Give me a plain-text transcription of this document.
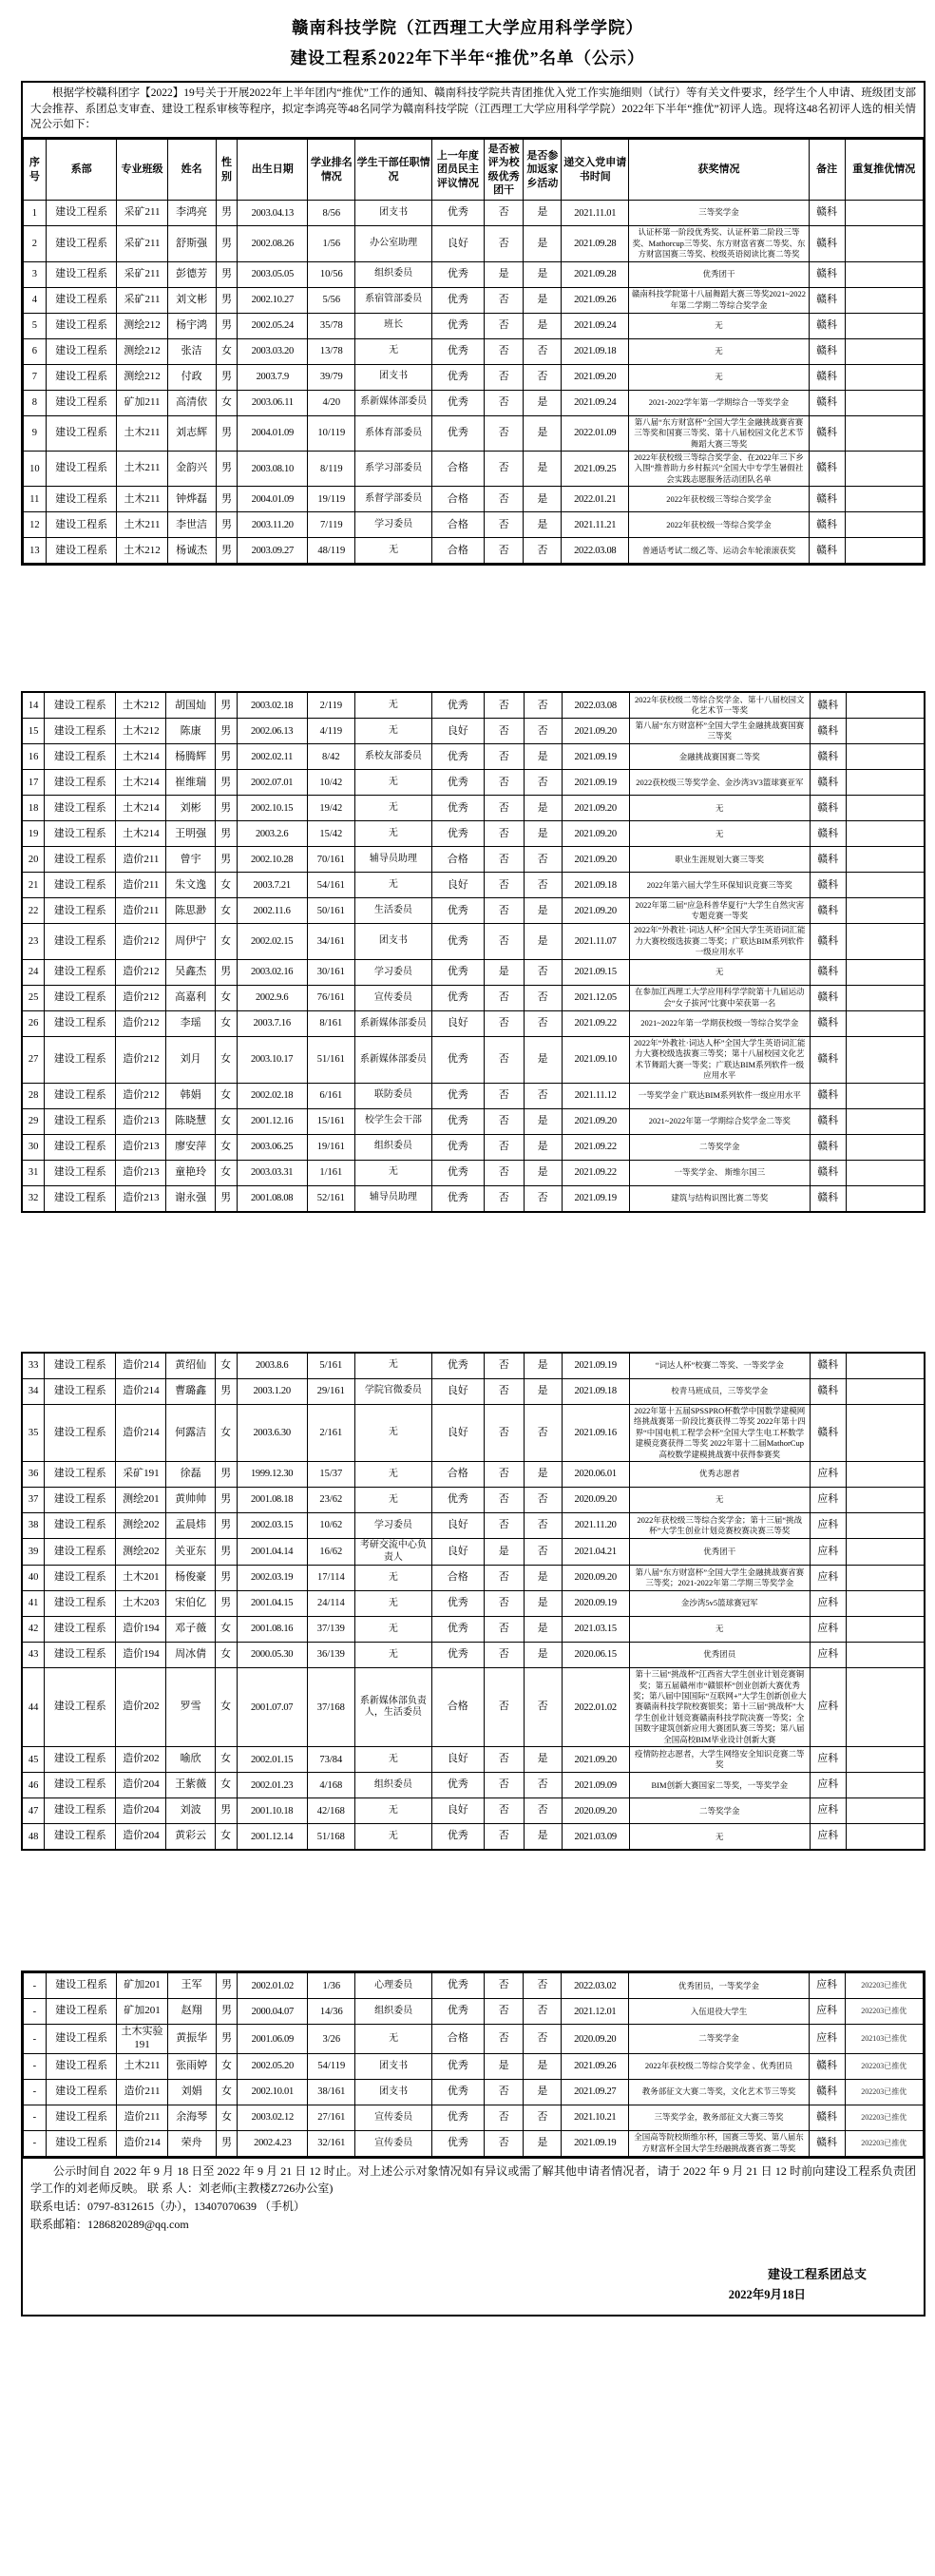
赣南科技学院（江西理工大学应用科学学院）
建设工程系2022年下半年“推优”名单（公示）
根据学校赣科团字【2022】19号关于开展2022年上半年团内“推优”工作的通知、赣南科技学院共青团推优入党工作实施细则（试行）等有关文件要求，经学生个人申请、班级团支部大会推荐、系团总支审查、建设工程系审核等程序，拟定李鸿亮等48名同学为赣南科技学院（江西理工大学应用科学学院）2022年下半年“推优”初评人选。现将这48名初评人选的相关情况公示如下：
序号	系部	专业班级	姓名	性别	出生日期	学业排名情况	学生干部任职情况	上一年度团员民主评议情况	是否被评为校级优秀团干	是否参加返家乡活动	递交入党申请书时间	获奖情况	备注	重复推优情况
1	建设工程系	采矿211	李鸿亮	男	2003.04.13	8/56	团支书	优秀	否	是	2021.11.01	三等奖学金	赣科	
2	建设工程系	采矿211	舒斯强	男	2002.08.26	1/56	办公室助理	良好	否	是	2021.09.28	认证杯第一阶段优秀奖、认证杯第二阶段三等奖、Mathorcup三等奖、东方财富省赛二等奖、东方财富国赛三等奖、校级英语阅读比赛二等奖	赣科	
3	建设工程系	采矿211	彭德芳	男	2003.05.05	10/56	组织委员	优秀	是	是	2021.09.28	优秀团干	赣科	
4	建设工程系	采矿211	刘文彬	男	2002.10.27	5/56	系宿管部委员	优秀	否	是	2021.09.26	赣南科技学院第十八届舞蹈大赛三等奖2021~2022年第二学期二等综合奖学金	赣科	
5	建设工程系	测绘212	杨宇鸿	男	2002.05.24	35/78	班长	优秀	否	是	2021.09.24	无	赣科	
6	建设工程系	测绘212	张洁	女	2003.03.20	13/78	无	优秀	否	否	2021.09.18	无	赣科	
7	建设工程系	测绘212	付政	男	2003.7.9	39/79	团支书	优秀	否	否	2021.09.20	无	赣科	
8	建设工程系	矿加211	高清依	女	2003.06.11	4/20	系新媒体部委员	优秀	否	是	2021.09.24	2021-2022学年第一学期综合一等奖学金	赣科	
9	建设工程系	土木211	刘志辉	男	2004.01.09	10/119	系体育部委员	优秀	否	是	2022.01.09	第八届“东方财富杯”全国大学生金融挑战赛省赛三等奖和国赛三等奖、第十八届校园文化艺术节舞蹈大赛三等奖	赣科	
10	建设工程系	土木211	金韵兴	男	2003.08.10	8/119	系学习部委员	合格	否	是	2021.09.25	2022年获校级三等综合奖学金、在2022年三下乡入围“推普助力乡村振兴”全国大中专学生暑假社会实践志愿服务活动团队名单	赣科	
11	建设工程系	土木211	钟烨磊	男	2004.01.09	19/119	系督学部委员	合格	否	是	2022.01.21	2022年获校级三等综合奖学金	赣科	
12	建设工程系	土木211	李世洁	男	2003.11.20	7/119	学习委员	合格	否	是	2021.11.21	2022年获校级一等综合奖学金	赣科	
13	建设工程系	土木212	杨诚杰	男	2003.09.27	48/119	无	合格	否	否	2022.03.08	普通话考试二级乙等、运动会车轮滚滚获奖	赣科	
14	建设工程系	土木212	胡国灿	男	2003.02.18	2/119	无	优秀	否	否	2022.03.08	2022年获校级二等综合奖学金、第十八届校园文化艺术节一等奖	赣科	
15	建设工程系	土木212	陈康	男	2002.06.13	4/119	无	良好	否	否	2021.09.20	第八届“东方财富杯”全国大学生金融挑战赛国赛三等奖	赣科	
16	建设工程系	土木214	杨腾辉	男	2002.02.11	8/42	系校友部委员	优秀	否	是	2021.09.19	金融挑战赛国赛二等奖	赣科	
17	建设工程系	土木214	崔维瑞	男	2002.07.01	10/42	无	优秀	否	否	2021.09.19	2022获校级三等奖学金、金沙湾3V3篮球赛亚军	赣科	
18	建设工程系	土木214	刘彬	男	2002.10.15	19/42	无	优秀	否	是	2021.09.20	无	赣科	
19	建设工程系	土木214	王明强	男	2003.2.6	15/42	无	优秀	否	是	2021.09.20	无	赣科	
20	建设工程系	造价211	曾宇	男	2002.10.28	70/161	辅导员助理	合格	否	否	2021.09.20	职业生涯规划大赛三等奖	赣科	
21	建设工程系	造价211	朱文逸	女	2003.7.21	54/161	无	良好	否	否	2021.09.18	2022年第六届大学生环保知识竞赛三等奖	赣科	
22	建设工程系	造价211	陈思渺	女	2002.11.6	50/161	生活委员	优秀	否	是	2021.09.20	2022年第二届“应急科普华夏行”大学生自然灾害专题竞赛一等奖	赣科	
23	建设工程系	造价212	周伊宁	女	2002.02.15	34/161	团支书	优秀	否	是	2021.11.07	2022年“外教社·词达人杯”全国大学生英语词汇能力大赛校级选拔赛二等奖；广联达BIM系列软件一级应用水平	赣科	
24	建设工程系	造价212	吴鑫杰	男	2003.02.16	30/161	学习委员	优秀	是	否	2021.09.15	无	赣科	
25	建设工程系	造价212	高嘉利	女	2002.9.6	76/161	宣传委员	优秀	否	否	2021.12.05	在参加江西理工大学应用科学学院第十九届运动会“女子拔河”比赛中荣获第一名	赣科	
26	建设工程系	造价212	李瑶	女	2003.7.16	8/161	系新媒体部委员	良好	否	否	2021.09.22	2021~2022年第一学期获校级一等综合奖学金	赣科	
27	建设工程系	造价212	刘月	女	2003.10.17	51/161	系新媒体部委员	优秀	否	是	2021.09.10	2022年“外教社·词达人杯”全国大学生英语词汇能力大赛校级选拔赛三等奖；第十八届校园文化艺术节舞蹈大赛一等奖；广联达BIM系列软件一级应用水平	赣科	
28	建设工程系	造价212	韩娟	女	2002.02.18	6/161	联防委员	优秀	否	否	2021.11.12	一等奖学金 广联达BIM系列软件一级应用水平	赣科	
29	建设工程系	造价213	陈晓慧	女	2001.12.16	15/161	校学生会干部	优秀	否	是	2021.09.20	2021~2022年第一学期综合奖学金二等奖	赣科	
30	建设工程系	造价213	廖安萍	女	2003.06.25	19/161	组织委员	优秀	否	是	2021.09.22	二等奖学金	赣科	
31	建设工程系	造价213	童艳玲	女	2003.03.31	1/161	无	优秀	否	是	2021.09.22	一等奖学金、 斯维尔国三	赣科	
32	建设工程系	造价213	谢永强	男	2001.08.08	52/161	辅导员助理	优秀	否	否	2021.09.19	建筑与结构识图比赛二等奖	赣科	
33	建设工程系	造价214	黄绍仙	女	2003.8.6	5/161	无	优秀	否	是	2021.09.19	“词达人杯”校赛二等奖、一等奖学金	赣科	
34	建设工程系	造价214	曹璐鑫	男	2003.1.20	29/161	学院官微委员	良好	否	是	2021.09.18	校青马班成员，三等奖学金	赣科	
35	建设工程系	造价214	何露洁	女	2003.6.30	2/161	无	良好	否	否	2021.09.16	2022年第十五届SPSSPRO杯数学中国数学建模网络挑战赛第一阶段比赛获得二等奖 2022年第十四界“中国电机工程学会杯”全国大学生电工杯数学建模竞赛获得二等奖 2022年第十二届MathorCup高校数学建模挑战赛中获得参赛奖	赣科	
36	建设工程系	采矿191	徐磊	男	1999.12.30	15/37	无	合格	否	是	2020.06.01	优秀志愿者	应科	
37	建设工程系	测绘201	黄帅帅	男	2001.08.18	23/62	无	优秀	否	否	2020.09.20	无	应科	
38	建设工程系	测绘202	孟晨炜	男	2002.03.15	10/62	学习委员	良好	否	否	2021.11.20	2022年获校级三等综合奖学金；第十三届“挑战杯”大学生创业计划竞赛校赛决赛三等奖	应科	
39	建设工程系	测绘202	关亚东	男	2001.04.14	16/62	考研交流中心负责人	良好	是	否	2021.04.21	优秀团干	应科	
40	建设工程系	土木201	杨俊豪	男	2002.03.19	17/114	无	合格	否	是	2020.09.20	第八届“东方财富杯”全国大学生金融挑战赛省赛三等奖；2021-2022年第二学期三等奖学金	应科	
41	建设工程系	土木203	宋伯亿	男	2001.04.15	24/114	无	优秀	否	是	2020.09.19	金沙湾5v5篮球赛冠军	应科	
42	建设工程系	造价194	邓子薇	女	2001.08.16	37/139	无	优秀	否	是	2021.03.15	无	应科	
43	建设工程系	造价194	周冰倩	女	2000.05.30	36/139	无	优秀	否	是	2020.06.15	优秀团员	应科	
44	建设工程系	造价202	罗雪	女	2001.07.07	37/168	系新媒体部负责人，生活委员	合格	否	否	2022.01.02	第十三届“挑战杯”江西省大学生创业计划竞赛铜奖；第五届赣州市“赣银杯”创业创新大赛优秀奖；第八届中国国际“互联网+”大学生创新创业大赛赣南科技学院校赛银奖；第十三届“挑战杯”大学生创业计划竞赛赣南科技学院决赛一等奖；全国数字建筑创新应用大赛团队赛三等奖；第八届全国高校BIM毕业设计创新大赛	应科	
45	建设工程系	造价202	喻欣	女	2002.01.15	73/84	无	良好	否	是	2021.09.20	疫情防控志愿者，大学生网络安全知识竞赛二等奖	应科	
46	建设工程系	造价204	王紫薇	女	2002.01.23	4/168	组织委员	优秀	否	否	2021.09.09	BIM创新大赛国家二等奖，一等奖学金	应科	
47	建设工程系	造价204	刘波	男	2001.10.18	42/168	无	良好	否	否	2020.09.20	二等奖学金	应科	
48	建设工程系	造价204	黄彩云	女	2001.12.14	51/168	无	优秀	否	是	2021.03.09	无	应科	
-	建设工程系	矿加201	王军	男	2002.01.02	1/36	心理委员	优秀	否	否	2022.03.02	优秀团员，一等奖学金	应科	202203已推优
-	建设工程系	矿加201	赵翔	男	2000.04.07	14/36	组织委员	优秀	否	否	2021.12.01	入伍退役大学生	应科	202203已推优
-	建设工程系	土木实验191	黄振华	男	2001.06.09	3/26	无	合格	否	否	2020.09.20	二等奖学金	应科	202103已推优
-	建设工程系	土木211	张雨婷	女	2002.05.20	54/119	团支书	优秀	是	是	2021.09.26	2022年获校级二等综合奖学金 、优秀团员	赣科	202203已推优
-	建设工程系	造价211	刘娟	女	2002.10.01	38/161	团支书	优秀	否	是	2021.09.27	教务部征文大赛二等奖，文化艺术节三等奖	赣科	202203已推优
-	建设工程系	造价211	余海琴	女	2003.02.12	27/161	宣传委员	优秀	否	否	2021.10.21	三等奖学金，教务部征文大赛三等奖	赣科	202203已推优
-	建设工程系	造价214	荣舟	男	2002.4.23	32/161	宣传委员	优秀	否	是	2021.09.19	全国高等院校斯维尔杯，国赛三等奖、第八届东方财富杯全国大学生经融挑战赛省赛二等奖	赣科	202203已推优

公示时间自 2022 年 9 月 18 日至 2022 年 9 月 21 日 12 时止。对上述公示对象情况如有异议或需了解其他申请者情况者，请于 2022 年 9 月 21 日 12 时前向建设工程系负责团学工作的刘老师反映。 联 系 人：刘老师(主教楼Z726办公室)

联系电话：0797-8312615（办），13407070639 （手机）

联系邮箱：1286820289@qq.com

建设工程系团总支
2022年9月18日
